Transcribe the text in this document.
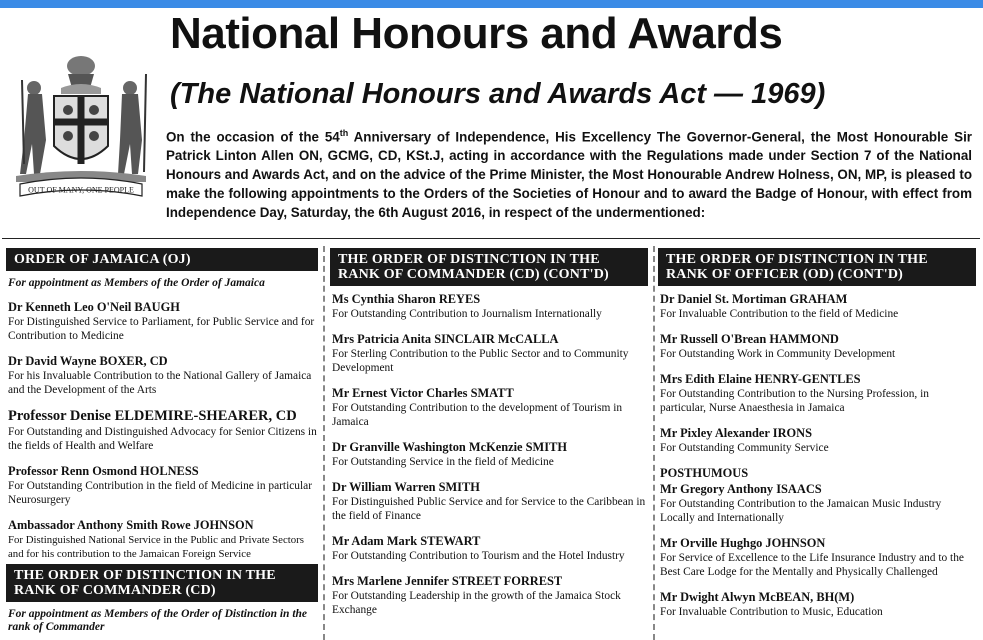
OUT OF MANY, ONE PEOPLE
National Honours and Awards
(The National Honours and Awards Act — 1969)
On the occasion of the 54th Anniversary of Independence, His Excellency The Governor-General, the Most Honourable Sir Patrick Linton Allen ON, GCMG, CD, KSt.J, acting in accordance with the Regulations made under Section 7 of the National Honours and Awards Act, and on the advice of the Prime Minister, the Most Honourable Andrew Holness, ON, MP, is pleased to make the following appointments to the Orders of the Societies of Honour and to award the Badge of Honour, with effect from Independence Day, Saturday, the 6th August 2016, in respect of the undermentioned:
ORDER OF JAMAICA (OJ)
For appointment as Members of the Order of Jamaica
Dr Kenneth Leo O'Neil BAUGH
For Distinguished Service to Parliament, for Public Service and for Contribution to Medicine
Dr David Wayne BOXER, CD
For his Invaluable Contribution to the National Gallery of Jamaica and the Development of the Arts
Professor Denise ELDEMIRE-SHEARER, CD
For Outstanding and Distinguished Advocacy for Senior Citizens in the fields of Health and Welfare
Professor Renn Osmond HOLNESS
For Outstanding Contribution in the field of Medicine in particular Neurosurgery
Ambassador Anthony Smith Rowe JOHNSON
For Distinguished National Service in the Public and Private Sectors and for his contribution to the Jamaican Foreign Service
THE ORDER OF DISTINCTION IN THE RANK OF COMMANDER (CD)
For appointment as Members of the Order of Distinction in the rank of Commander
THE ORDER OF DISTINCTION IN THE RANK OF COMMANDER (CD) (CONT'D)
Ms Cynthia Sharon REYES
For Outstanding Contribution to Journalism Internationally
Mrs Patricia Anita SINCLAIR McCALLA
For Sterling Contribution to the Public Sector and to Community Development
Mr Ernest Victor Charles SMATT
For Outstanding Contribution to the development of Tourism in Jamaica
Dr Granville Washington McKenzie SMITH
For Outstanding Service in the field of Medicine
Dr William Warren SMITH
For Distinguished Public Service and for Service to the Caribbean in the field of Finance
Mr Adam Mark STEWART
For Outstanding Contribution to Tourism and the Hotel Industry
Mrs Marlene Jennifer STREET FORREST
For Outstanding Leadership in the growth of the Jamaica Stock Exchange
THE ORDER OF DISTINCTION IN THE RANK OF OFFICER (OD) (CONT'D)
Dr Daniel St. Mortiman GRAHAM
For Invaluable Contribution to the field of Medicine
Mr Russell O'Brean HAMMOND
For Outstanding Work in Community Development
Mrs Edith Elaine HENRY-GENTLES
For Outstanding Contribution to the Nursing Profession, in particular, Nurse Anaesthesia in Jamaica
Mr Pixley Alexander IRONS
For Outstanding Community Service
POSTHUMOUS
Mr Gregory Anthony ISAACS
For Outstanding Contribution to the Jamaican Music Industry Locally and Internationally
Mr Orville Hughgo JOHNSON
For Service of Excellence to the Life Insurance Industry and to the Best Care Lodge for the Mentally and Physically Challenged
Mr Dwight Alwyn McBEAN, BH(M)
For Invaluable Contribution to Music, Education
